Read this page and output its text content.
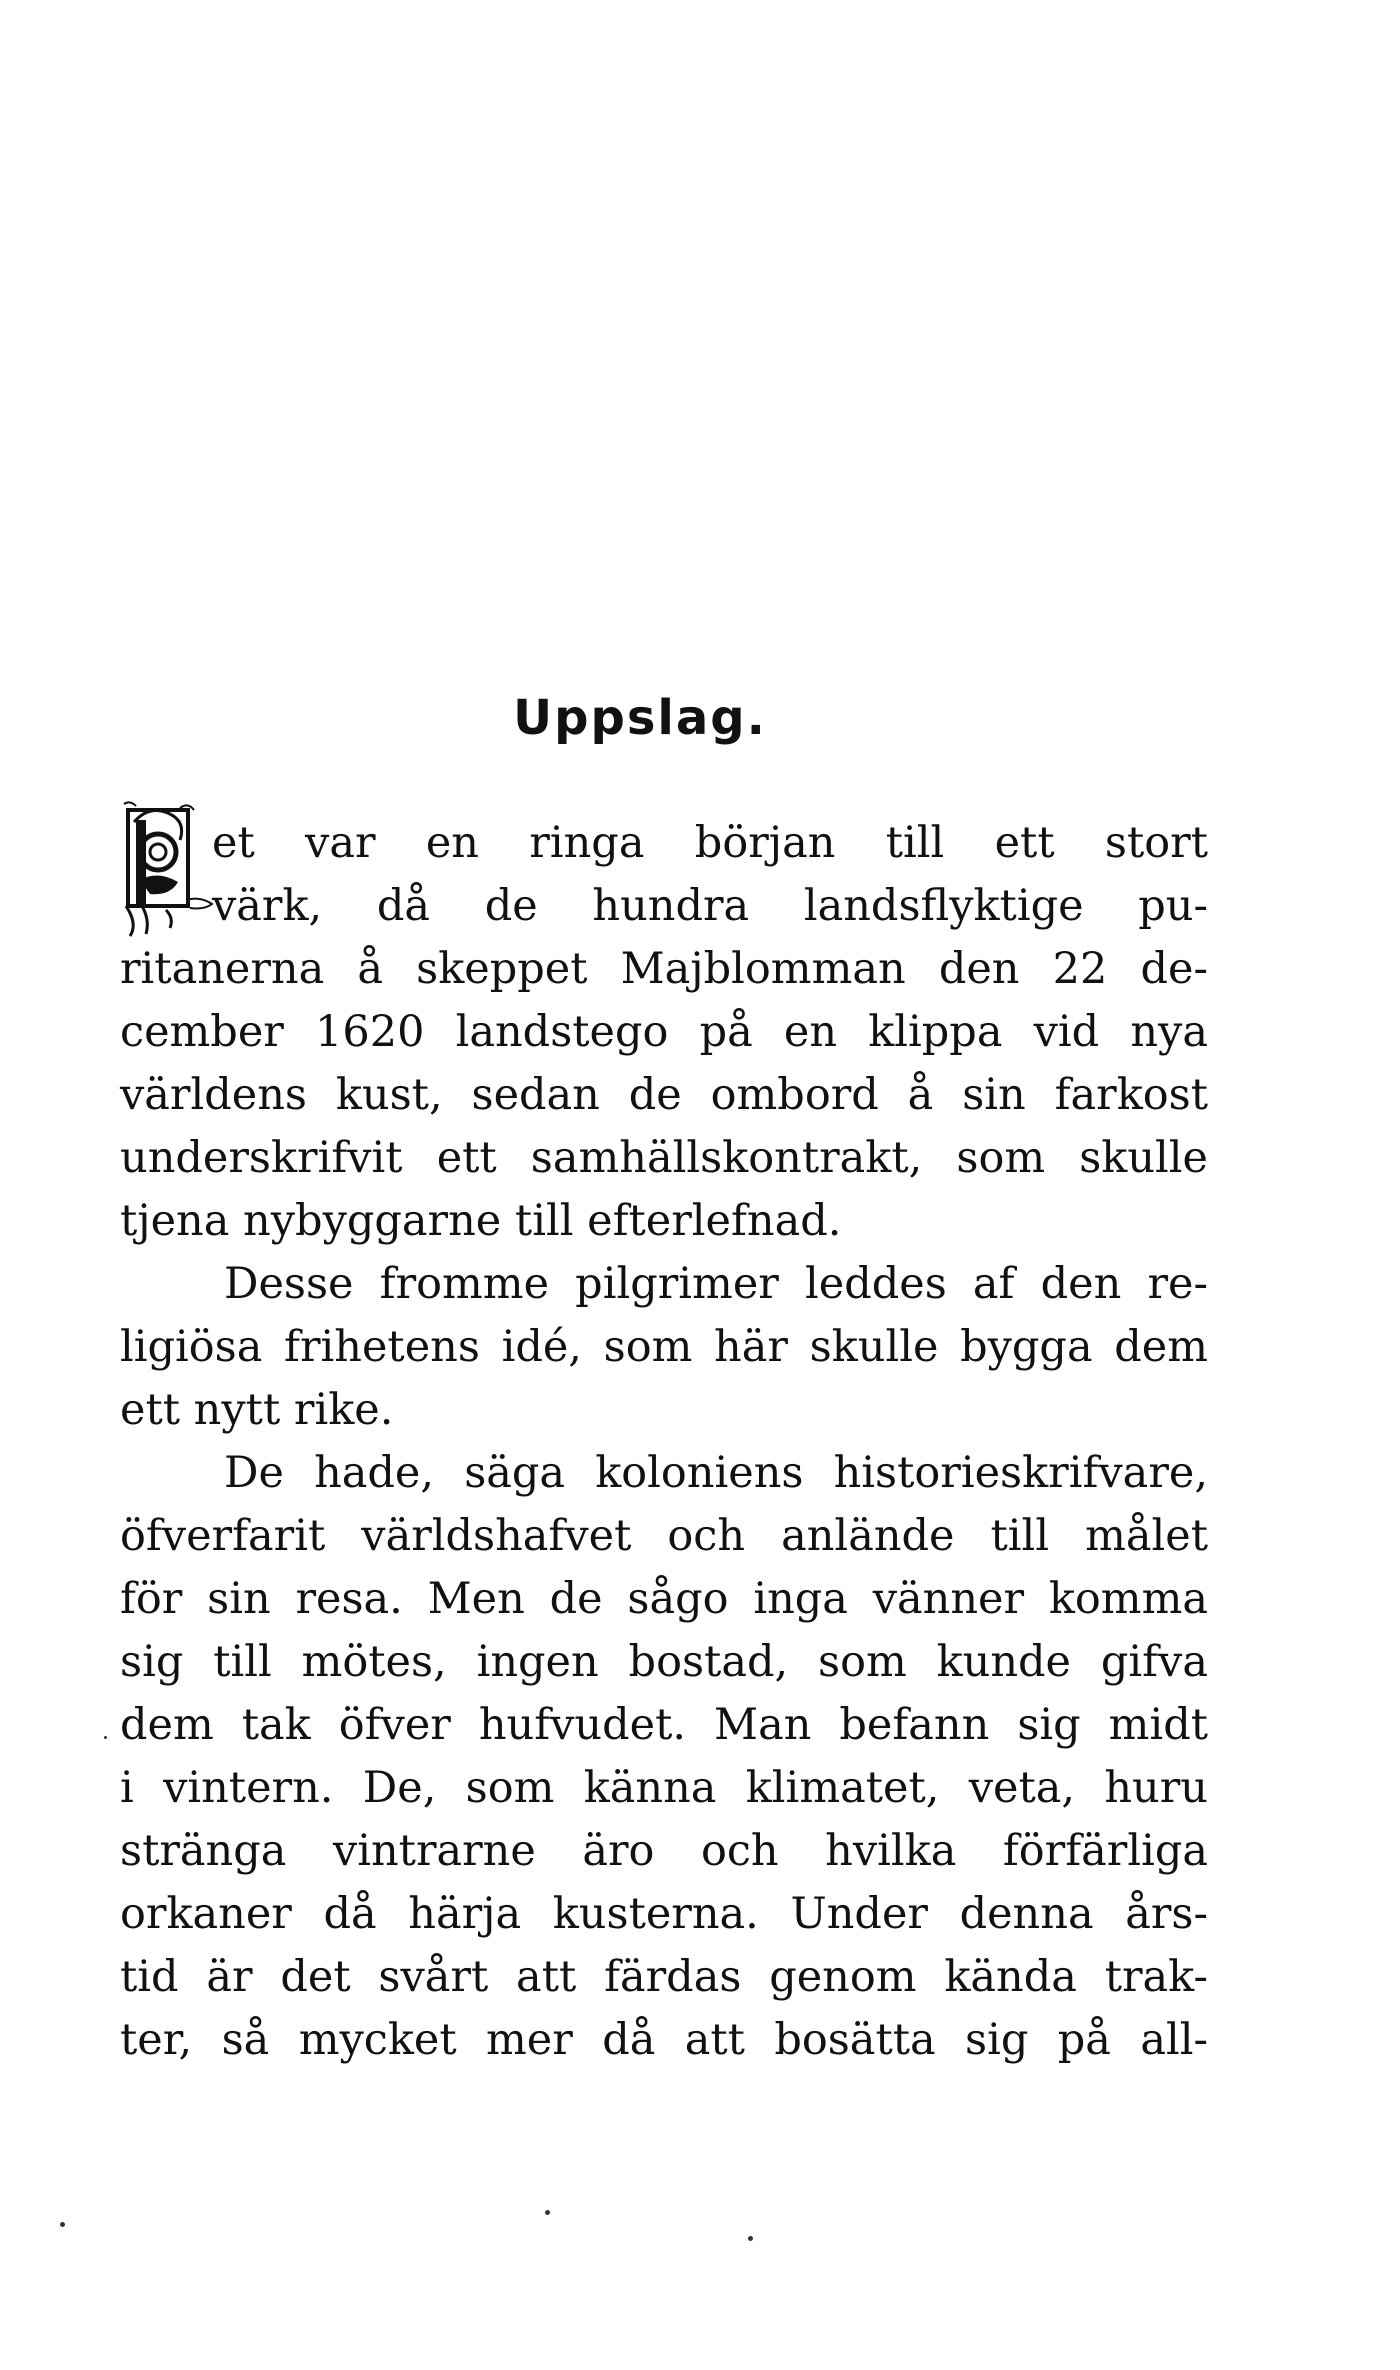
Uppslag.
et var en ringa början till ett stort
värk, då de hundra landsflyktige pu-
ritanerna å skeppet Majblomman den 22 de-
cember 1620 landstego på en klippa vid nya
världens kust, sedan de ombord å sin farkost
underskrifvit ett samhällskontrakt, som skulle
tjena nybyggarne till efterlefnad.
Desse fromme pilgrimer leddes af den re-
ligiösa frihetens idé, som här skulle bygga dem
ett nytt rike.
De hade, säga koloniens historieskrifvare,
öfverfarit världshafvet och anlände till målet
för sin resa. Men de sågo inga vänner komma
sig till mötes, ingen bostad, som kunde gifva
dem tak öfver hufvudet. Man befann sig midt
i vintern. De, som känna klimatet, veta, huru
stränga vintrarne äro och hvilka förfärliga
orkaner då härja kusterna. Under denna års-
tid är det svårt att färdas genom kända trak-
ter, så mycket mer då att bosätta sig på all-
